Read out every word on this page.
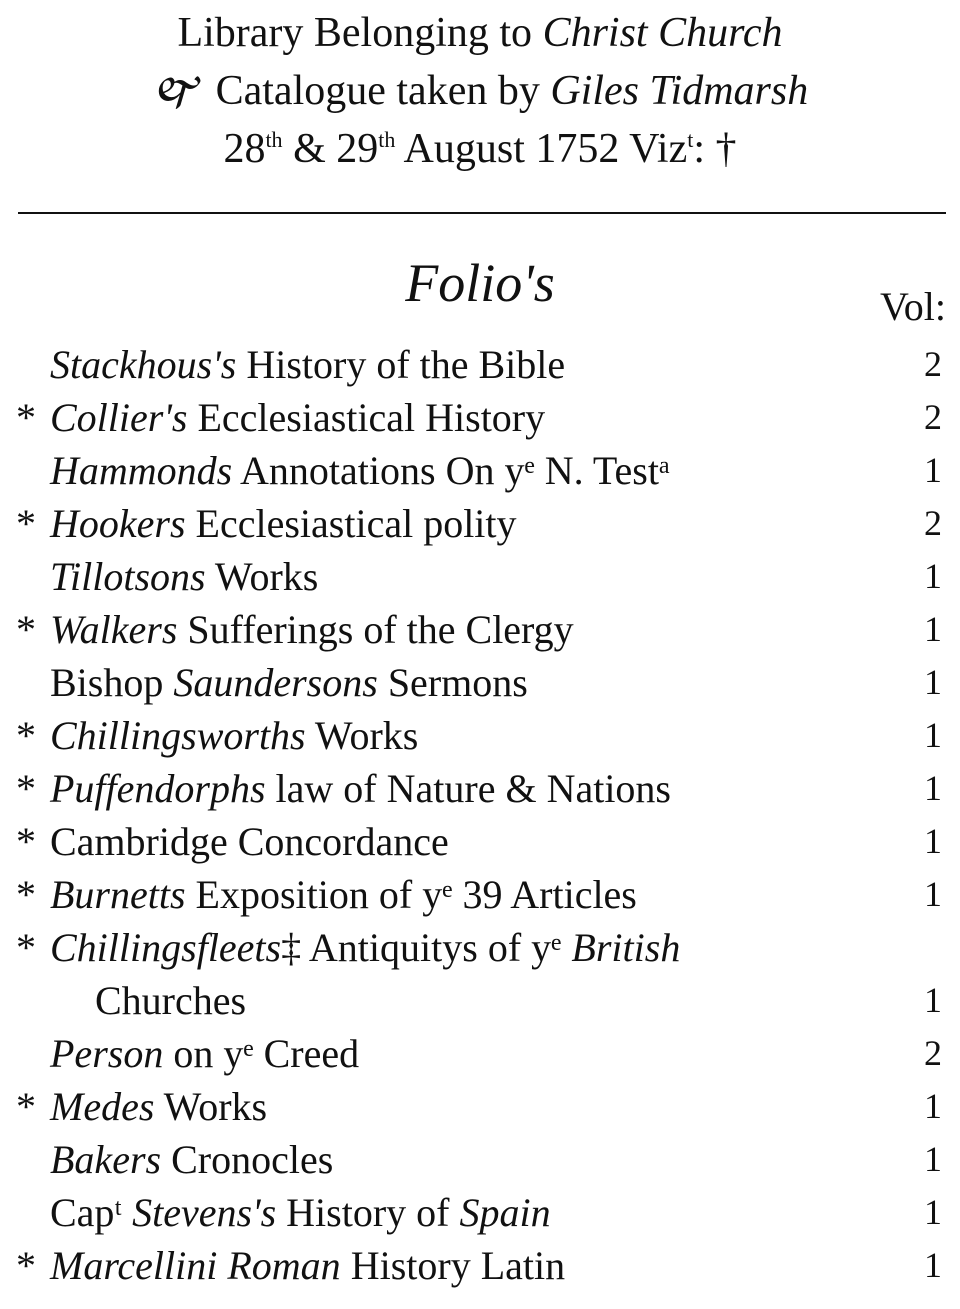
Library Belonging to Christ Church
🙰 Catalogue taken by Giles Tidmarsh
28th & 29th August 1752 Viz$^t$: †
Folio's	Vol:
Stackhous's History of the Bible	2
* Collier's Ecclesiastical History	2
Hammonds Annotations On yᵉ N. Testᵃ	1
* Hookers Ecclesiastical polity	2
Tillotsons Works	1
* Walkers Sufferings of the Clergy	1
Bishop Saundersons Sermons	1
* Chillingsworths Works	1
* Puffendorphs law of Nature & Nations	1
* Cambridge Concordance	1
* Burnetts Exposition of yᵉ 39 Articles	1
* Chillingsfleets‡ Antiquitys of yᵉ British
Churches	1
Person on yᵉ Creed	2
* Medes Works	1
Bakers Cronocles	1
Capᵗ Stevens's History of Spain	1
* Marcellini Roman History Latin	1
